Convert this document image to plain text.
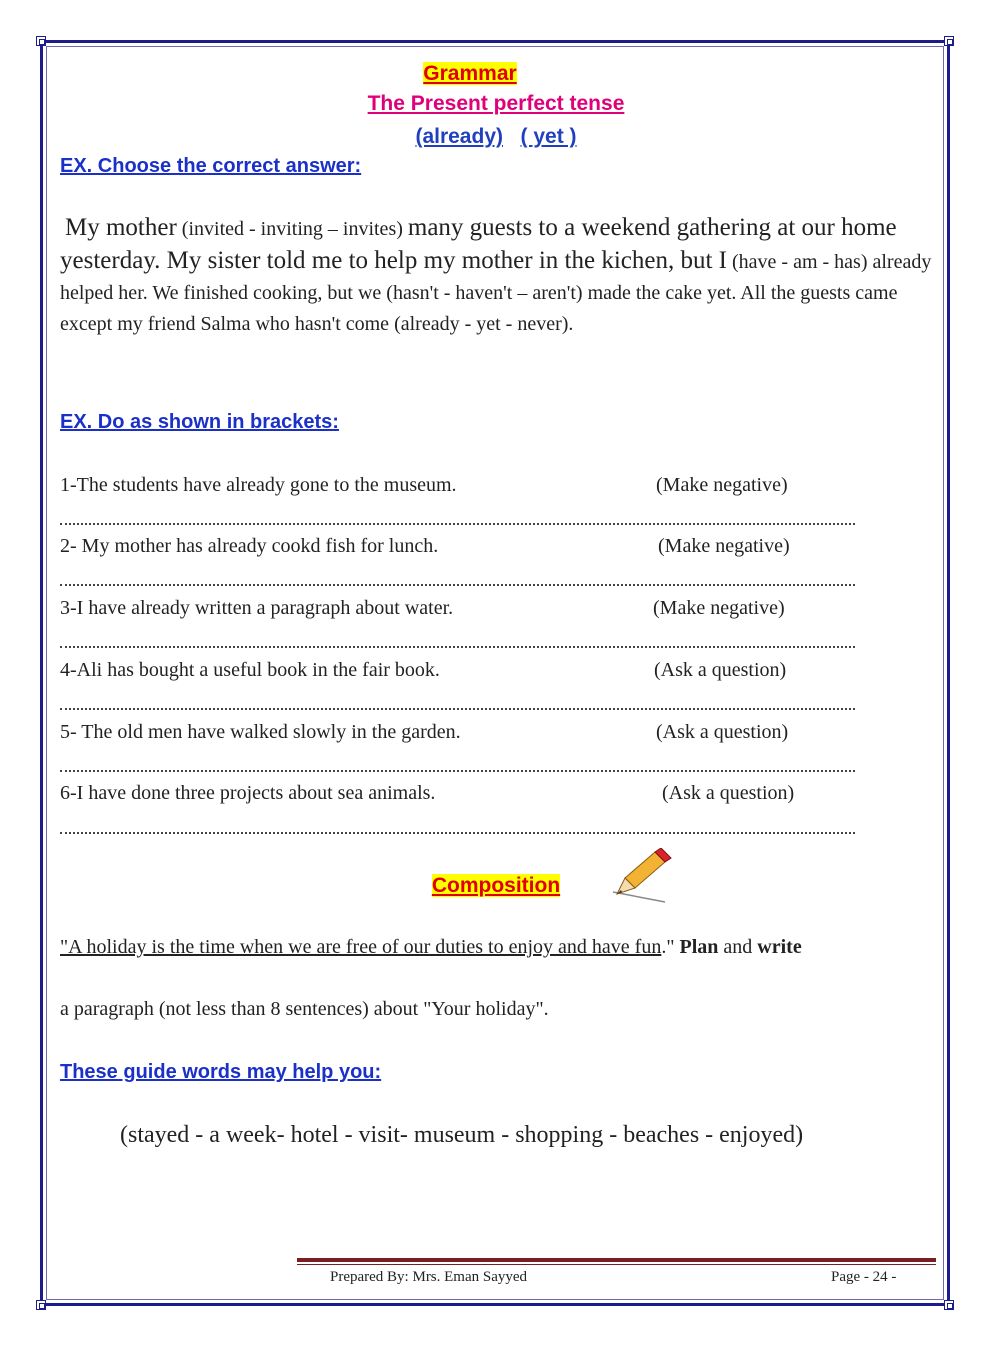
Grammar
The Present perfect tense
(already) ( yet )
EX. Choose the correct answer:
My mother (invited - inviting – invites) many guests to a weekend gathering at our home yesterday. My sister told me to help my mother in the kichen, but I (have - am - has) already helped her. We finished cooking, but we (hasn't - haven't – aren't) made the cake yet. All the guests came except my friend Salma who hasn't come (already - yet - never).
EX. Do as shown in brackets:
1-The students have already gone to the museum.	(Make negative)
2- My mother has already cookd fish for lunch.	(Make negative)
3-I have already written a paragraph about water.	(Make negative)
4-Ali has bought a useful book in the fair book.	(Ask a question)
5- The old men have walked slowly in the garden.	(Ask a question)
6-I have done three projects about sea animals.	(Ask a question)
Composition
"A holiday is the time when we are free of our duties to enjoy and have fun." Plan and write
a paragraph (not less than 8 sentences) about "Your holiday".
These guide words may help you:
(stayed - a week- hotel - visit- museum - shopping - beaches - enjoyed)
Prepared By: Mrs. Eman Sayyed	Page - 24 -
